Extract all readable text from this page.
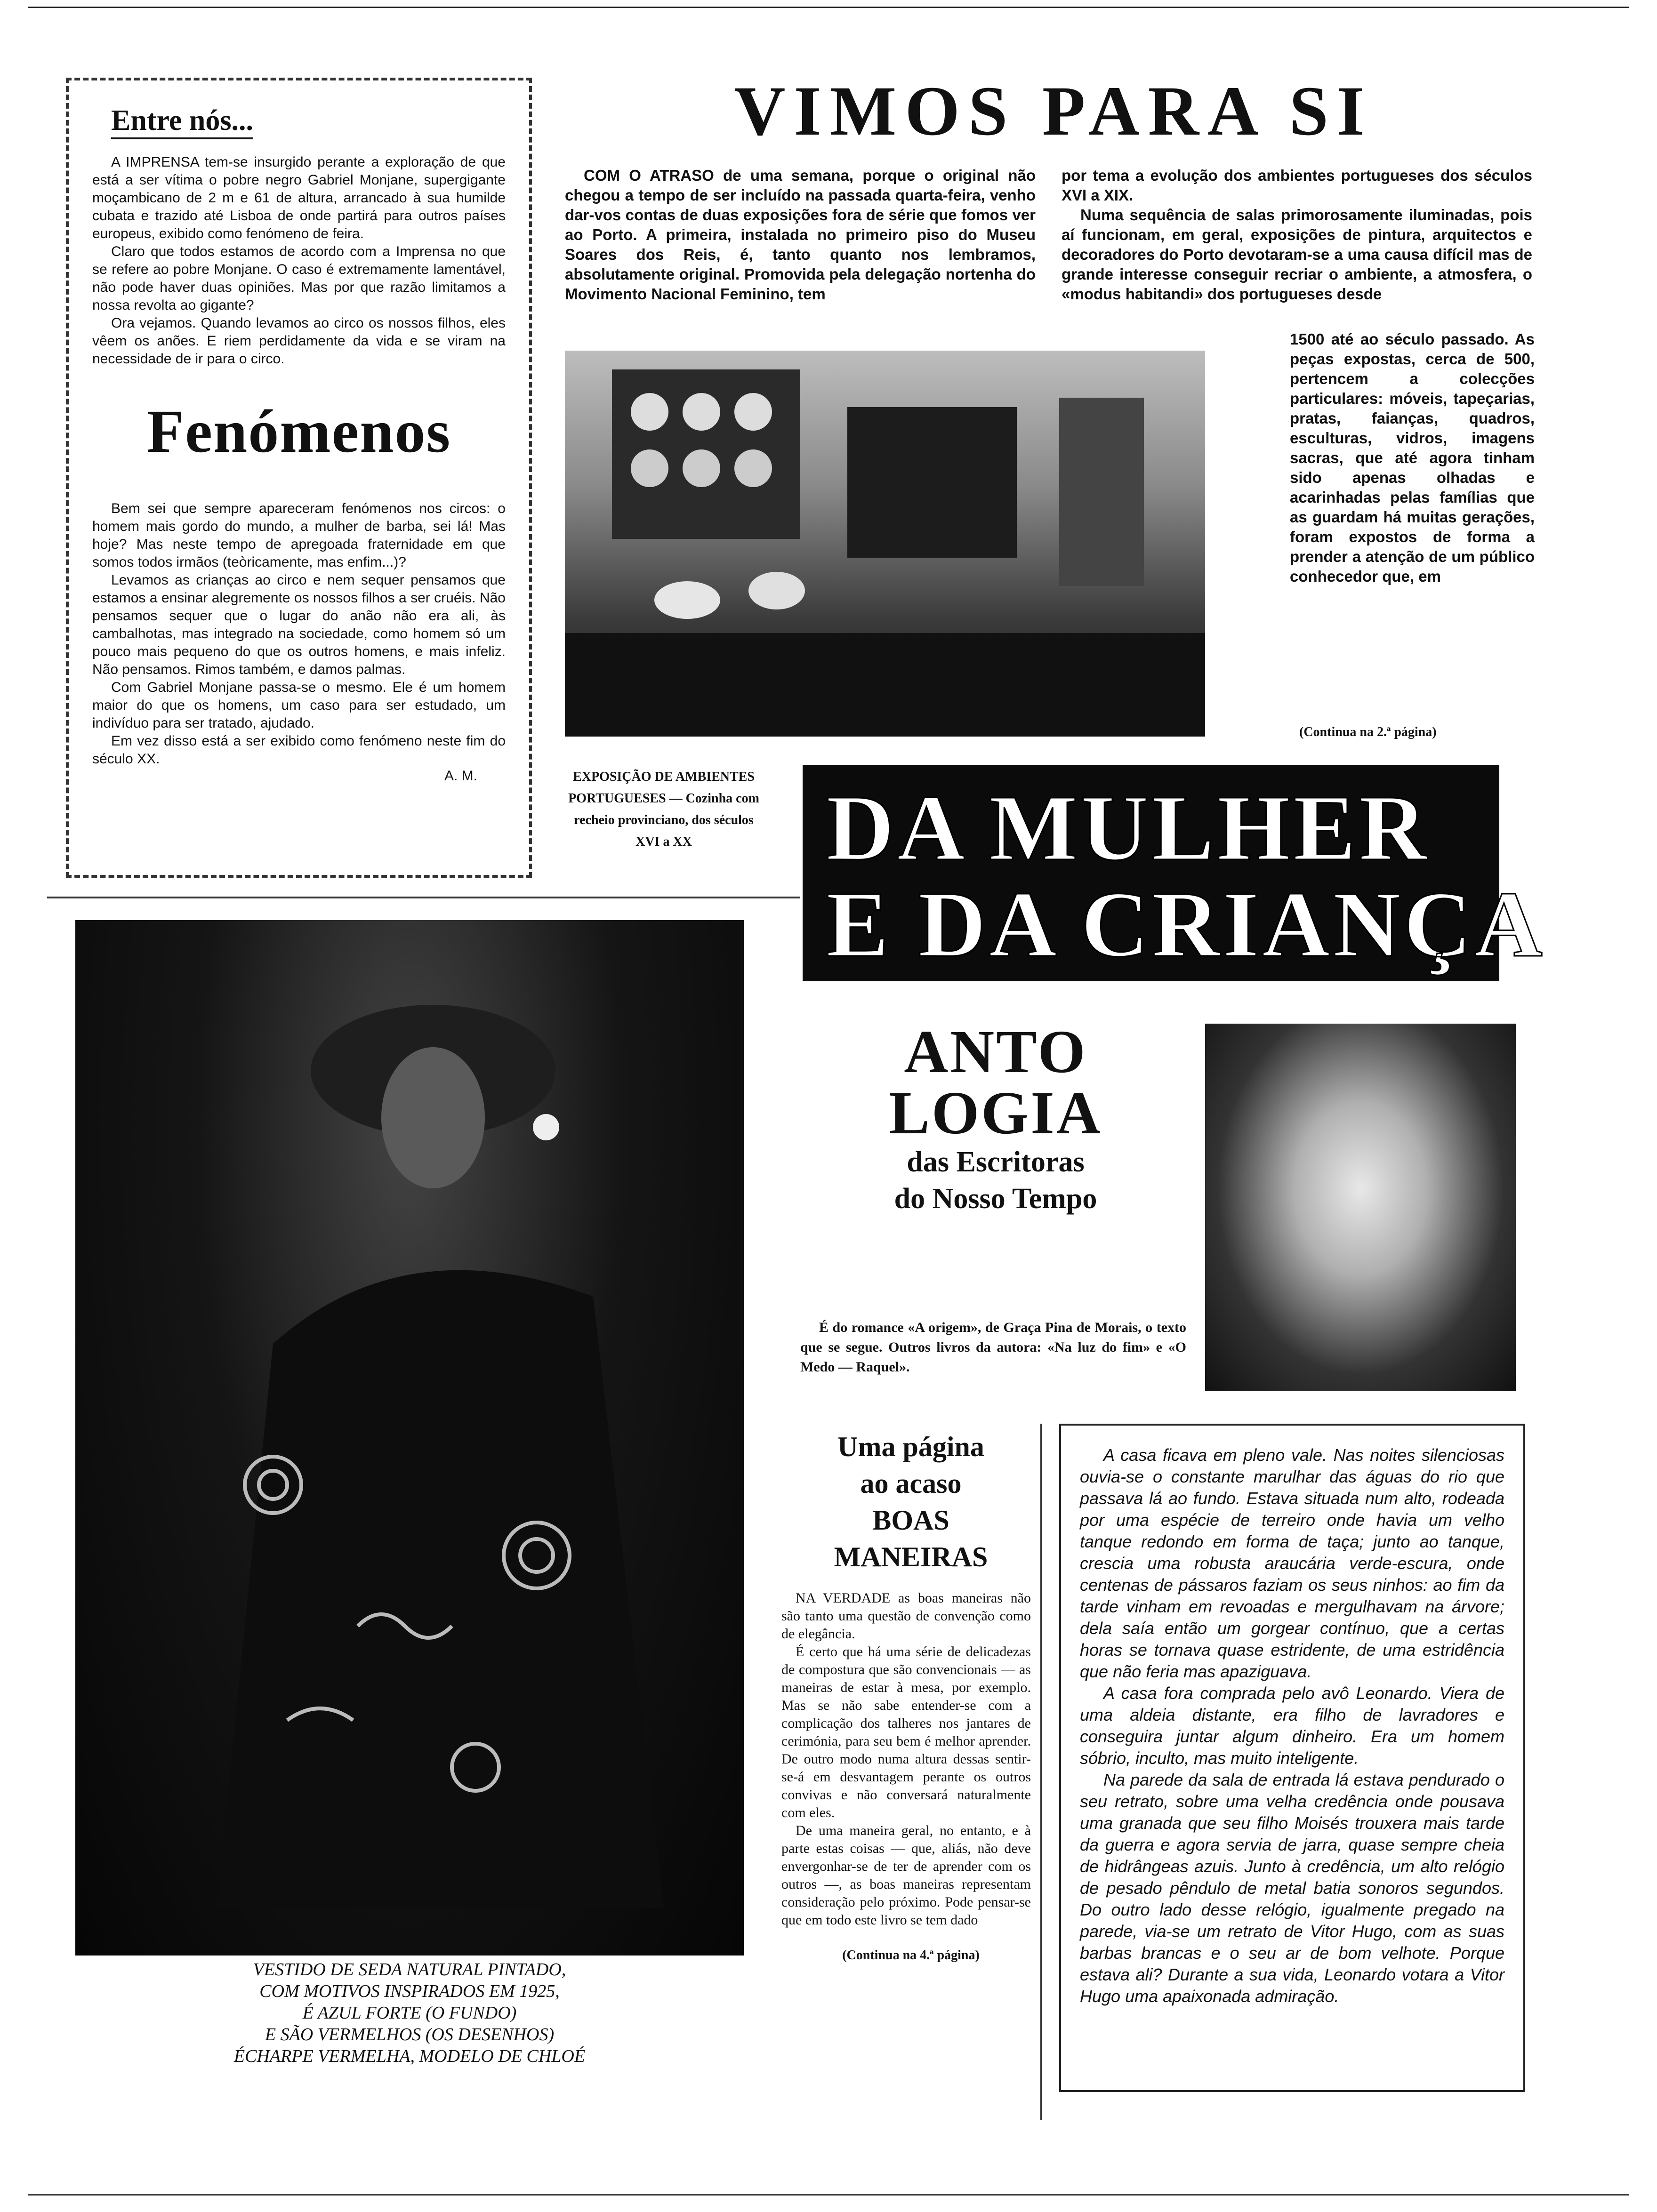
Entre nós...

A IMPRENSA tem-se insurgido perante a exploração de que está a ser vítima o pobre negro Gabriel Monjane, supergigante moçambicano de 2 m e 61 de altura, arrancado à sua humilde cubata e trazido até Lisboa de onde partirá para outros países europeus, exibido como fenómeno de feira.

Claro que todos estamos de acordo com a Imprensa no que se refere ao pobre Monjane. O caso é extremamente lamentável, não pode haver duas opiniões. Mas por que razão limitamos a nossa revolta ao gigante?

Ora vejamos. Quando levamos ao circo os nossos filhos, eles vêem os anões. E riem perdidamente da vida e se viram na necessidade de ir para o circo.

Fenómenos

Bem sei que sempre apareceram fenómenos nos circos: o homem mais gordo do mundo, a mulher de barba, sei lá! Mas hoje? Mas neste tempo de apregoada fraternidade em que somos todos irmãos (teòricamente, mas enfim...)?

Levamos as crianças ao circo e nem sequer pensamos que estamos a ensinar alegremente os nossos filhos a ser cruéis. Não pensamos sequer que o lugar do anão não era ali, às cambalhotas, mas integrado na sociedade, como homem só um pouco mais pequeno do que os outros homens, e mais infeliz. Não pensamos. Rimos também, e damos palmas.

Com Gabriel Monjane passa-se o mesmo. Ele é um homem maior do que os homens, um caso para ser estudado, um indivíduo para ser tratado, ajudado.

Em vez disso está a ser exibido como fenómeno neste fim do século XX.

A. M.
VIMOS PARA SI

COM O ATRASO de uma semana, porque o original não chegou a tempo de ser incluído na passada quarta-feira, venho dar-vos contas de duas exposições fora de série que fomos ver ao Porto. A primeira, instalada no primeiro piso do Museu Soares dos Reis, é, tanto quanto nos lembramos, absolutamente original. Promovida pela delegação nortenha do Movimento Nacional Feminino, tem

por tema a evolução dos ambientes portugueses dos séculos XVI a XIX.

Numa sequência de salas primorosamente iluminadas, pois aí funcionam, em geral, exposições de pintura, arquitectos e decoradores do Porto devotaram-se a uma causa difícil mas de grande interesse conseguir recriar o ambiente, a atmosfera, o «modus habitandi» dos portugueses desde

1500 até ao século passado. As peças expostas, cerca de 500, pertencem a colecções particulares: móveis, tapeçarias, pratas, faianças, quadros, esculturas, vidros, imagens sacras, que até agora tinham sido apenas olhadas e acarinhadas pelas famílias que as guardam há muitas gerações, foram expostos de forma a prender a atenção de um público conhecedor que, em

EXPOSIÇÃO DE AMBIENTES PORTUGUESES — Cozinha com recheio provinciano, dos séculos XVI a XX
(Continua na 2.ª página)
DA MULHER
E DA CRIANÇA
VESTIDO DE SEDA NATURAL PINTADO,
COM MOTIVOS INSPIRADOS EM 1925,
É AZUL FORTE (O FUNDO)
E SÃO VERMELHOS (OS DESENHOS)
ÉCHARPE VERMELHA, MODELO DE CHLOÉ
ANTO
LOGIA
das Escritoras
do Nosso Tempo
É do romance «A origem», de Graça Pina de Morais, o texto que se segue. Outros livros da autora: «Na luz do fim» e «O Medo — Raquel».
Uma página
ao acaso
BOAS
MANEIRAS

NA VERDADE as boas maneiras não são tanto uma questão de convenção como de elegância.

É certo que há uma série de delicadezas de compostura que são convencionais — as maneiras de estar à mesa, por exemplo. Mas se não sabe entender-se com a complicação dos talheres nos jantares de cerimónia, para seu bem é melhor aprender. De outro modo numa altura dessas sentir-se-á em desvantagem perante os outros convivas e não conversará naturalmente com eles.

De uma maneira geral, no entanto, e à parte estas coisas — que, aliás, não deve envergonhar-se de ter de aprender com os outros —, as boas maneiras representam consideração pelo próximo. Pode pensar-se que em todo este livro se tem dado

(Continua na 4.ª página)

A casa ficava em pleno vale. Nas noites silenciosas ouvia-se o constante marulhar das águas do rio que passava lá ao fundo. Estava situada num alto, rodeada por uma espécie de terreiro onde havia um velho tanque redondo em forma de taça; junto ao tanque, crescia uma robusta araucária verde-escura, onde centenas de pássaros faziam os seus ninhos: ao fim da tarde vinham em revoadas e mergulhavam na árvore; dela saía então um gorgear contínuo, que a certas horas se tornava quase estridente, de uma estridência que não feria mas apaziguava.

A casa fora comprada pelo avô Leonardo. Viera de uma aldeia distante, era filho de lavradores e conseguira juntar algum dinheiro. Era um homem sóbrio, inculto, mas muito inteligente.

Na parede da sala de entrada lá estava pendurado o seu retrato, sobre uma velha credência onde pousava uma granada que seu filho Moisés trouxera mais tarde da guerra e agora servia de jarra, quase sempre cheia de hidrângeas azuis. Junto à credência, um alto relógio de pesado pêndulo de metal batia sonoros segundos. Do outro lado desse relógio, igualmente pregado na parede, via-se um retrato de Vitor Hugo, com as suas barbas brancas e o seu ar de bom velhote. Porque estava ali? Durante a sua vida, Leonardo votara a Vitor Hugo uma apaixonada admiração.
